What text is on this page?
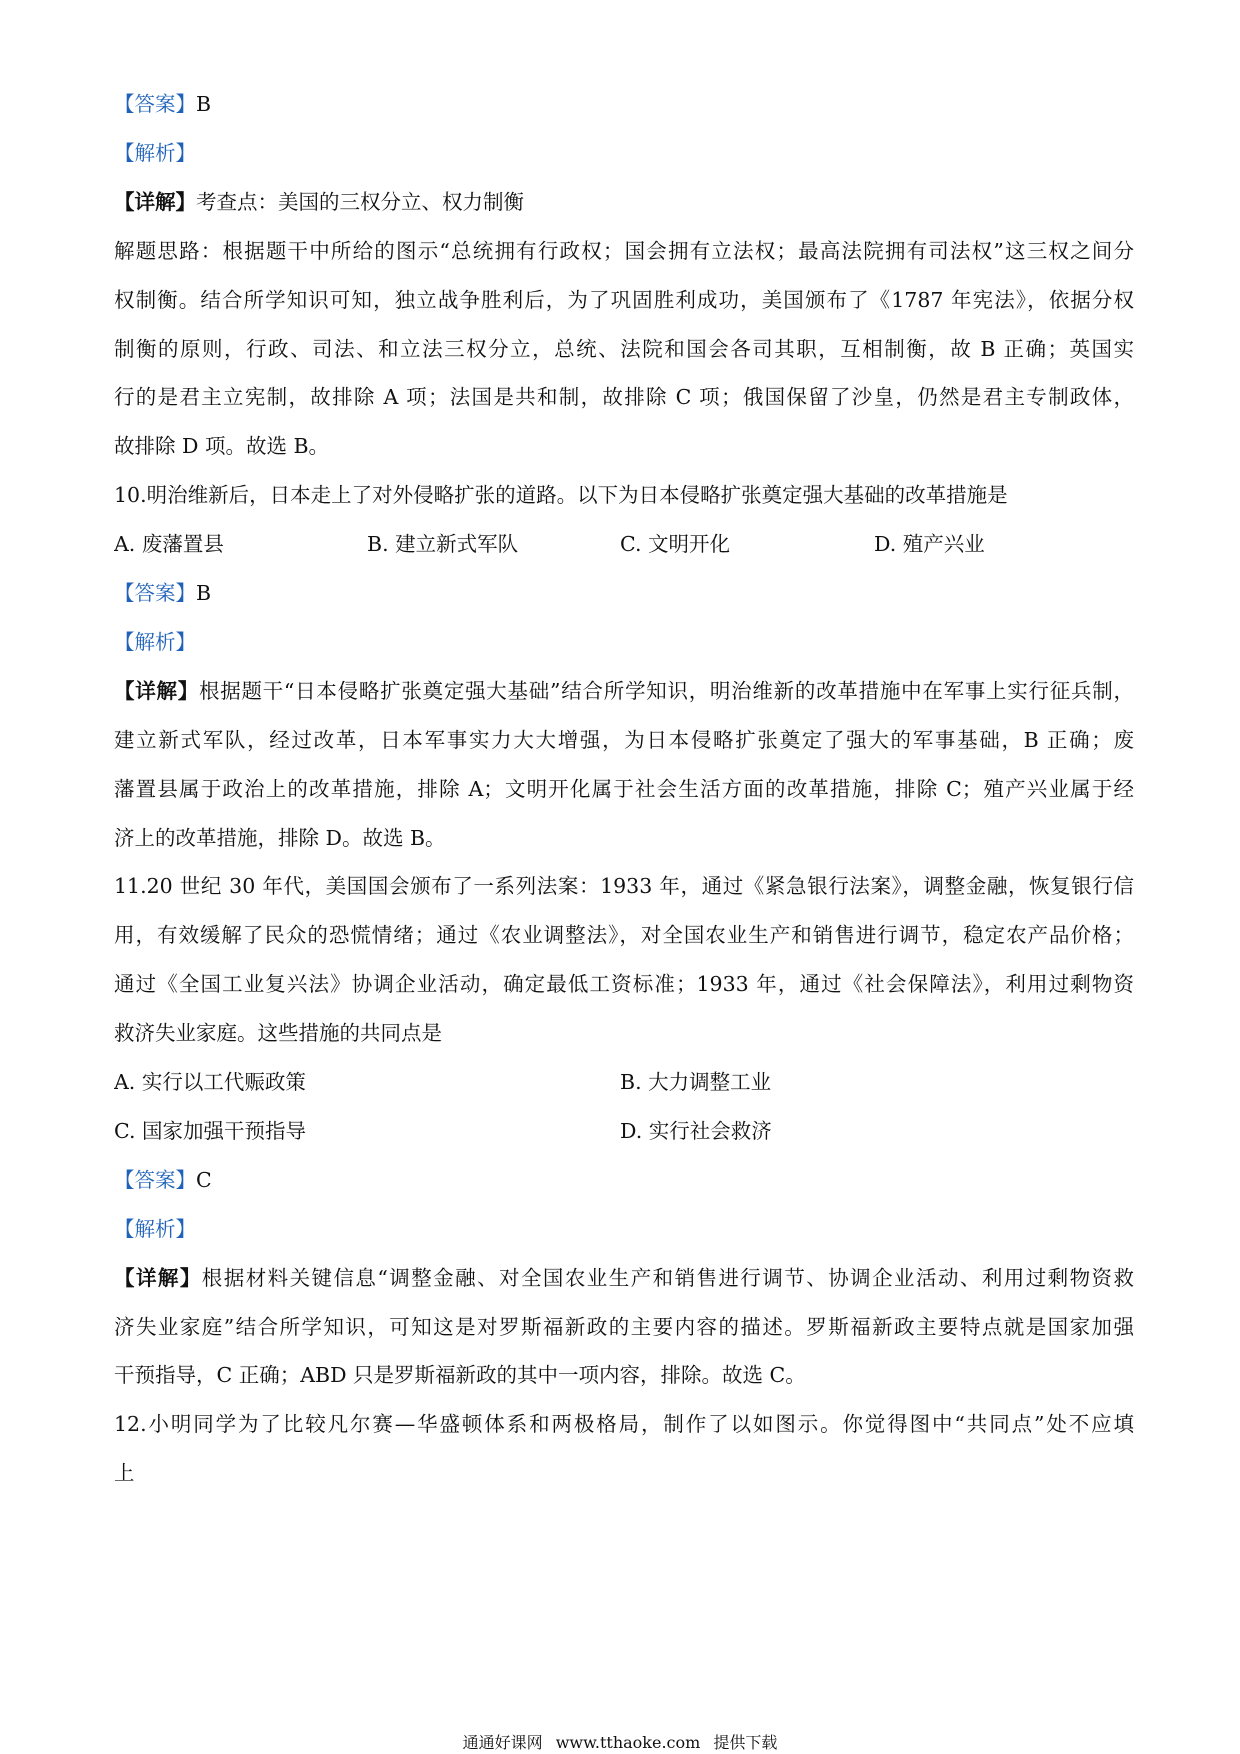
【答案】B
【解析】
【详解】考查点：美国的三权分立、权力制衡
解题思路：根据题干中所给的图示“总统拥有行政权；国会拥有立法权；最高法院拥有司法权”这三权之间分
权制衡。结合所学知识可知，独立战争胜利后，为了巩固胜利成功，美国颁布了《1787 年宪法》，依据分权
制衡的原则，行政、司法、和立法三权分立，总统、法院和国会各司其职，互相制衡，故 B 正确；英国实
行的是君主立宪制，故排除 A 项；法国是共和制，故排除 C 项；俄国保留了沙皇，仍然是君主专制政体，
故排除 D 项。故选 B。
10.明治维新后，日本走上了对外侵略扩张的道路。以下为日本侵略扩张奠定强大基础的改革措施是
A. 废藩置县	B. 建立新式军队	C. 文明开化	D. 殖产兴业
【答案】B
【解析】
【详解】根据题干“日本侵略扩张奠定强大基础”结合所学知识，明治维新的改革措施中在军事上实行征兵制，
建立新式军队，经过改革，日本军事实力大大增强，为日本侵略扩张奠定了强大的军事基础，B 正确；废
藩置县属于政治上的改革措施，排除 A；文明开化属于社会生活方面的改革措施，排除 C；殖产兴业属于经
济上的改革措施，排除 D。故选 B。
11.20 世纪 30 年代，美国国会颁布了一系列法案：1933 年，通过《紧急银行法案》，调整金融，恢复银行信
用，有效缓解了民众的恐慌情绪；通过《农业调整法》，对全国农业生产和销售进行调节，稳定农产品价格；
通过《全国工业复兴法》协调企业活动，确定最低工资标准；1933 年，通过《社会保障法》，利用过剩物资
救济失业家庭。这些措施的共同点是
A. 实行以工代赈政策	B. 大力调整工业
C. 国家加强干预指导	D. 实行社会救济
【答案】C
【解析】
【详解】根据材料关键信息“调整金融、对全国农业生产和销售进行调节、协调企业活动、利用过剩物资救
济失业家庭”结合所学知识，可知这是对罗斯福新政的主要内容的描述。罗斯福新政主要特点就是国家加强
干预指导，C 正确；ABD 只是罗斯福新政的其中一项内容，排除。故选 C。
12.小明同学为了比较凡尔赛—华盛顿体系和两极格局，制作了以如图示。你觉得图中“共同点”处不应填
上
通通好课网 www.tthaoke.com 提供下载
